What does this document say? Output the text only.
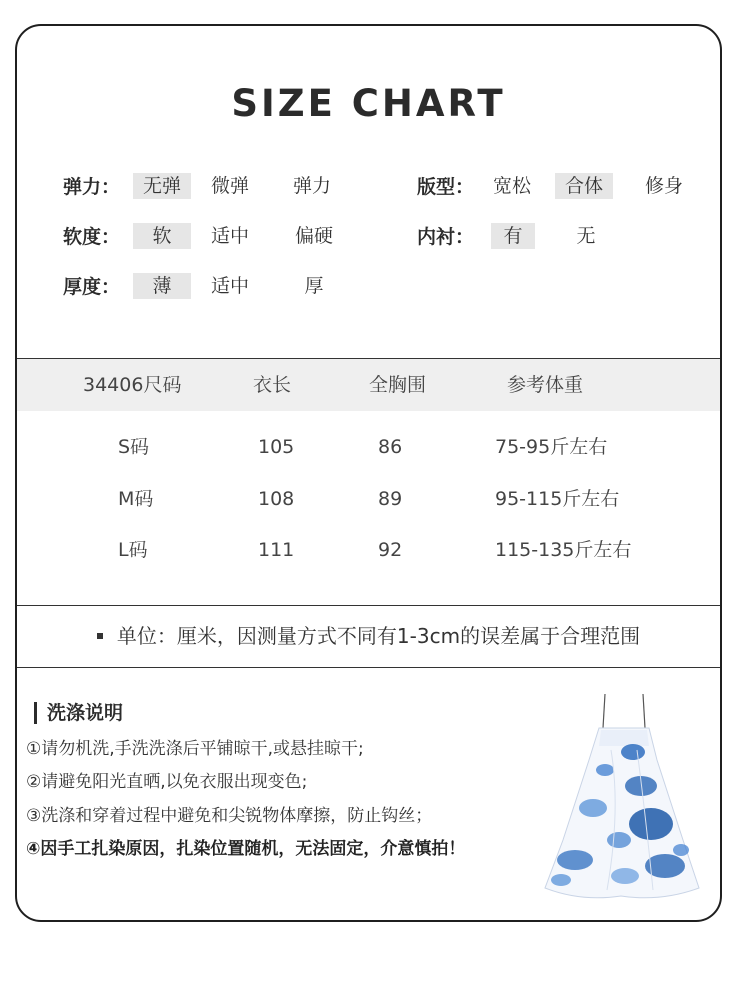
SIZE CHART
弹力：	无弹	微弹	弹力	版型： 宽松	合体	修身
软度：	软	适中	偏硬	内衬：	有	无
厚度：	薄	适中	厚
34406尺码	衣长	全胸围	参考体重
S码	105	86	75-95斤左右
M码	108	89	95-115斤左右
L码	111	92	115-135斤左右
单位：厘米，因测量方式不同有1-3cm的误差属于合理范围
洗涤说明
①请勿机洗,手洗洗涤后平铺晾干,或悬挂晾干;
②请避免阳光直晒,以免衣服出现变色;
③洗涤和穿着过程中避免和尖锐物体摩擦，防止钩丝；
④因手工扎染原因，扎染位置随机，无法固定，介意慎拍！
